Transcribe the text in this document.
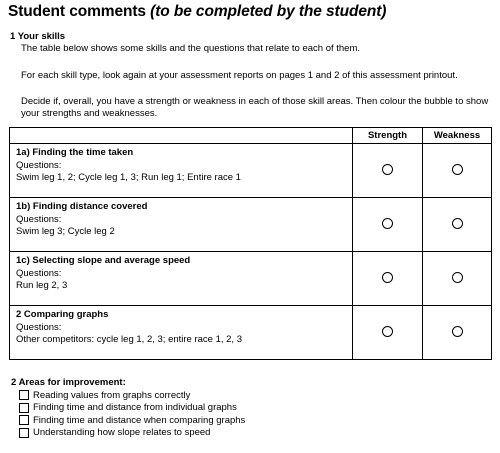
Student comments (to be completed by the student)
1 Your skills
The table below shows some skills and the questions that relate to each of them.
For each skill type, look again at your assessment reports on pages 1 and 2 of this assessment printout.
Decide if, overall, you have a strength or weakness in each of those skill areas. Then colour the bubble to show your strengths and weaknesses.
	Strength	Weakness

1a) Finding the time taken
Questions:
Swim leg 1, 2; Cycle leg 1, 3; Run leg 1; Entire race 1		

1b) Finding distance covered
Questions:
Swim leg 3; Cycle leg 2		

1c) Selecting slope and average speed
Questions:
Run leg 2, 3		

2 Comparing graphs
Questions:
Other competitors: cycle leg 1, 2, 3; entire race 1, 2, 3		

2 Areas for improvement:
Reading values from graphs correctly
Finding time and distance from individual graphs
Finding time and distance when comparing graphs
Understanding how slope relates to speed
